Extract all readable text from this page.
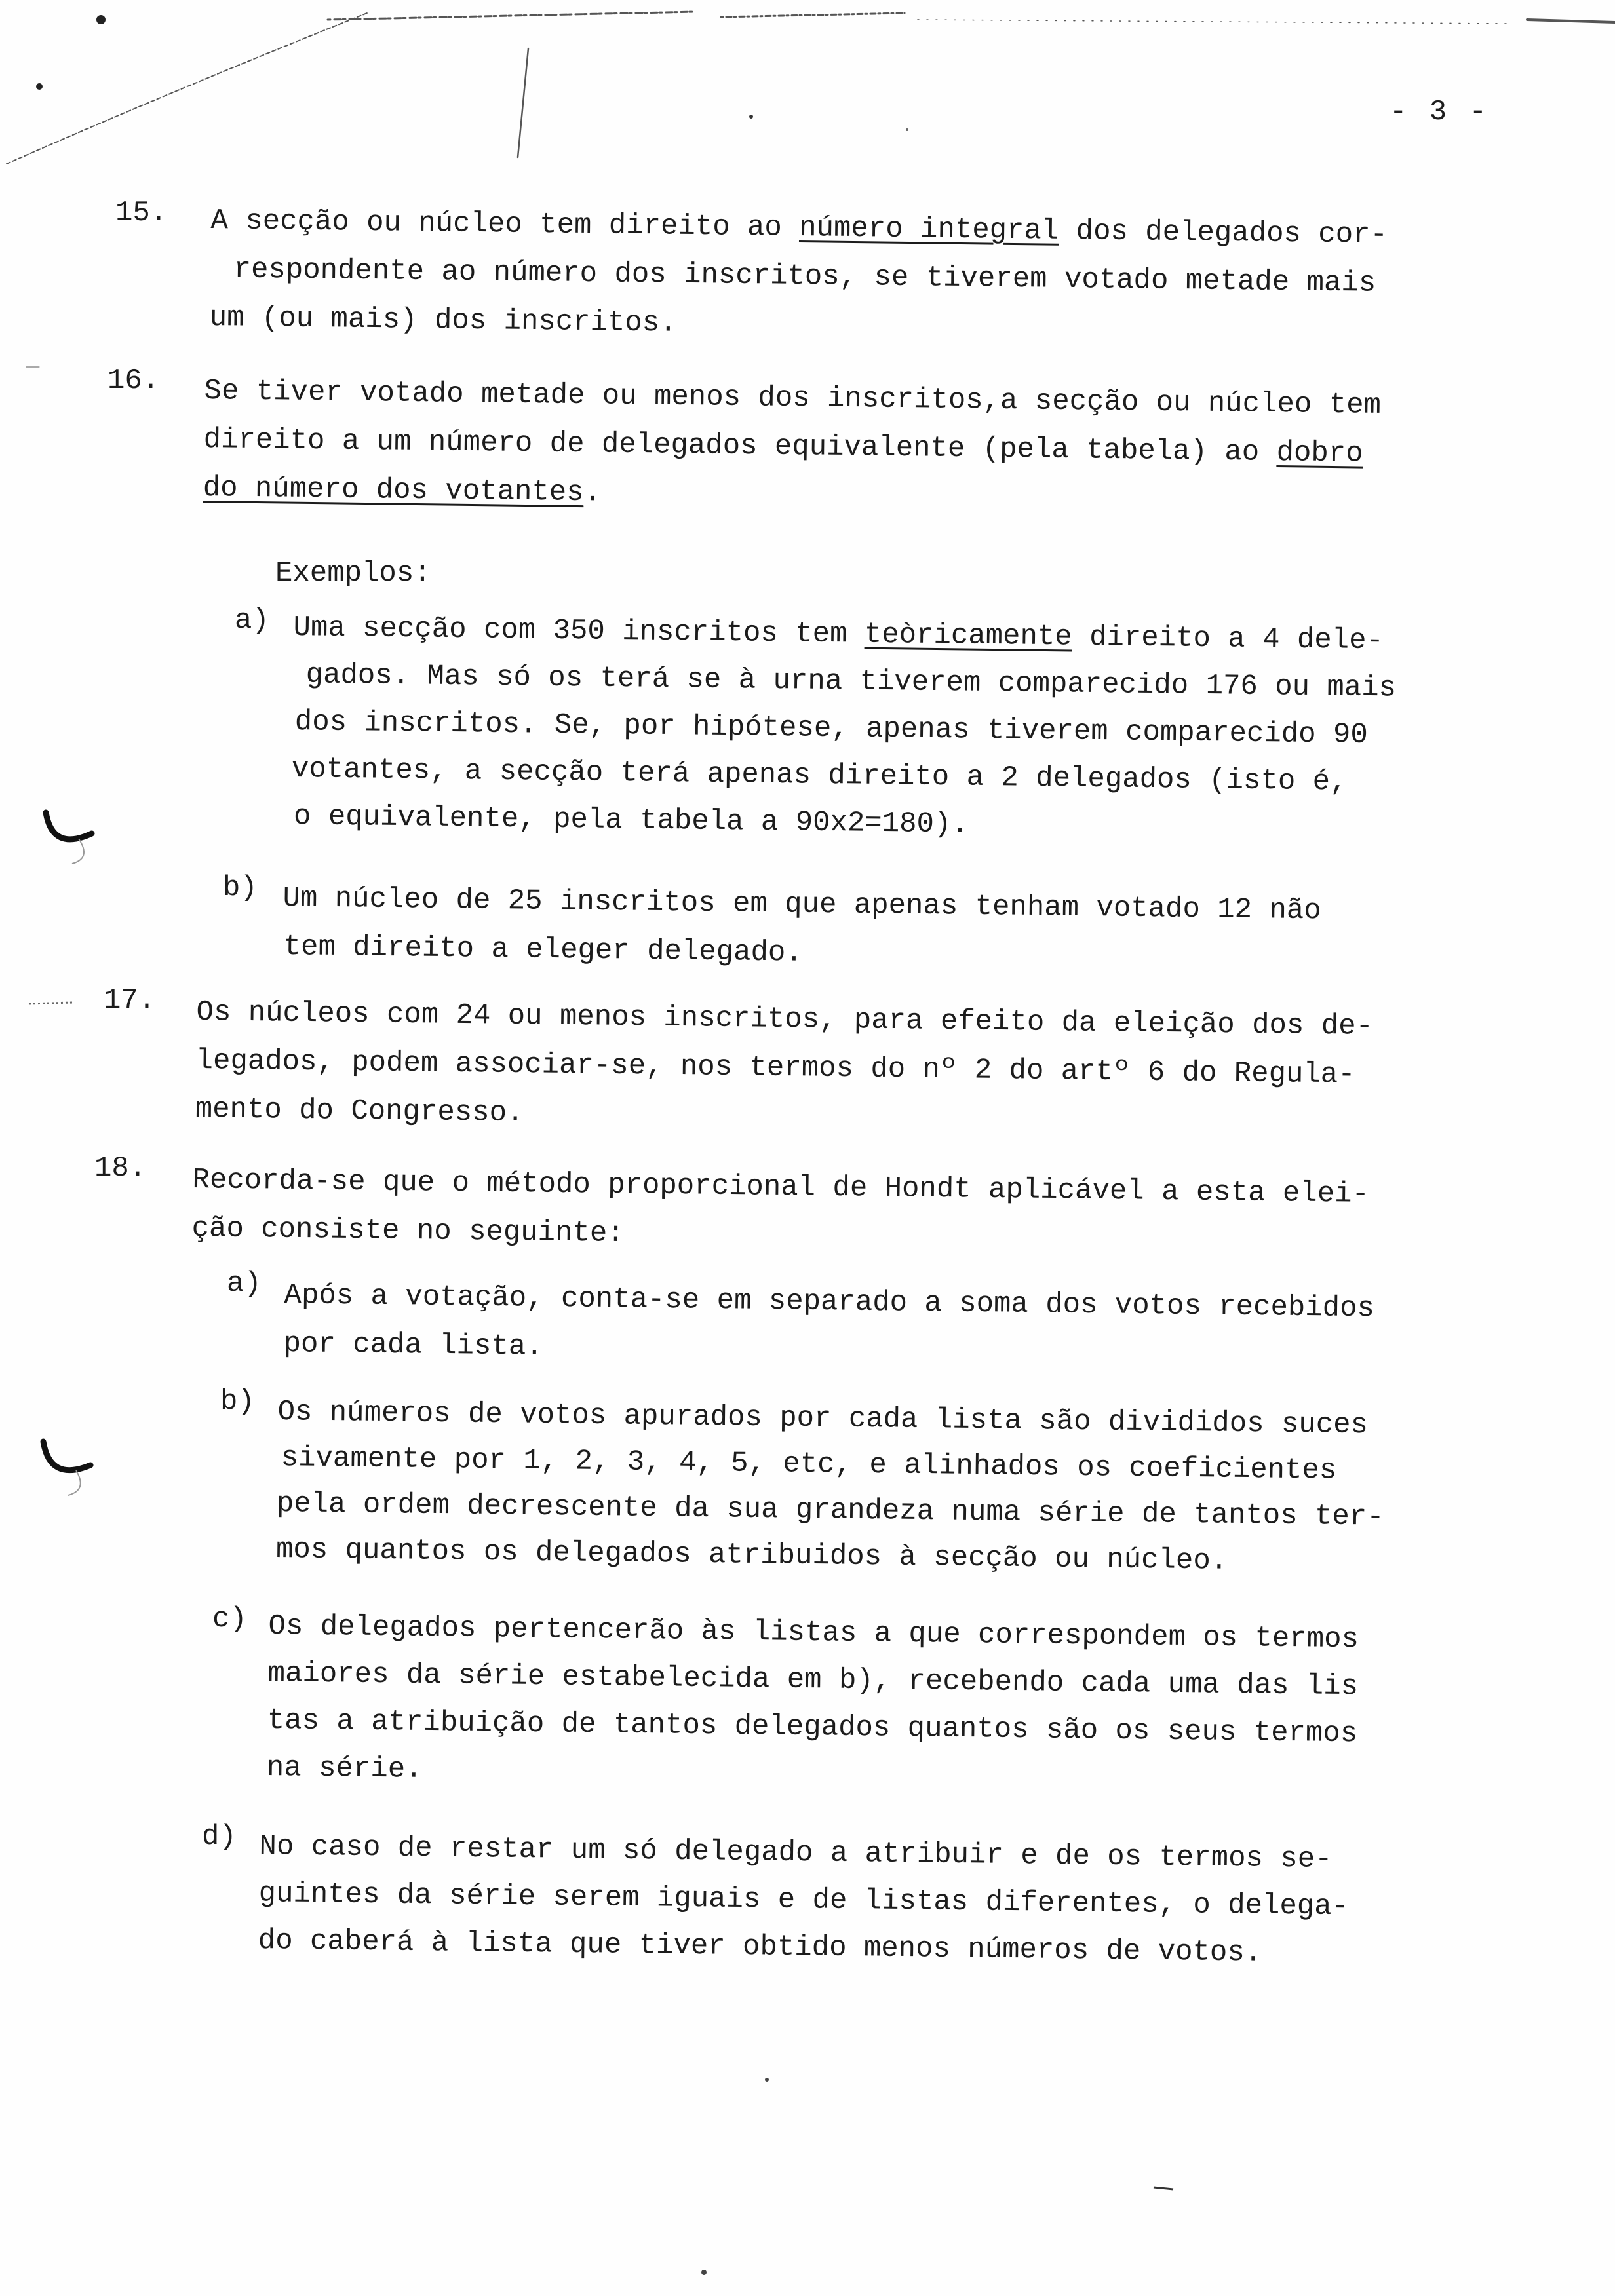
- 3 -
15. A secção ou núcleo tem direito ao número integral dos delegados cor-
respondente ao número dos inscritos, se tiverem votado metade mais
um (ou mais) dos inscritos.
16. Se tiver votado metade ou menos dos inscritos,a secção ou núcleo tem
direito a um número de delegados equivalente (pela tabela) ao dobro
do número dos votantes.
Exemplos:
a) Uma secção com 350 inscritos tem teòricamente direito a 4 dele-
gados. Mas só os terá se à urna tiverem comparecido 176 ou mais
dos inscritos. Se, por hipótese, apenas tiverem comparecido 90
votantes, a secção terá apenas direito a 2 delegados (isto é,
o equivalente, pela tabela a 90x2=180).
b) Um núcleo de 25 inscritos em que apenas tenham votado 12 não
tem direito a eleger delegado.
17. Os núcleos com 24 ou menos inscritos, para efeito da eleição dos de-
legados, podem associar-se, nos termos do nº 2 do artº 6 do Regula-
mento do Congresso.
18. Recorda-se que o método proporcional de Hondt aplicável a esta elei-
ção consiste no seguinte:
a) Após a votação, conta-se em separado a soma dos votos recebidos
por cada lista.
b) Os números de votos apurados por cada lista são divididos suces
sivamente por 1, 2, 3, 4, 5, etc, e alinhados os coeficientes
pela ordem decrescente da sua grandeza numa série de tantos ter-
mos quantos os delegados atribuidos à secção ou núcleo.
c) Os delegados pertencerão às listas a que correspondem os termos
maiores da série estabelecida em b), recebendo cada uma das lis
tas a atribuição de tantos delegados quantos são os seus termos
na série.
d) No caso de restar um só delegado a atribuir e de os termos se-
guintes da série serem iguais e de listas diferentes, o delega-
do caberá à lista que tiver obtido menos números de votos.
